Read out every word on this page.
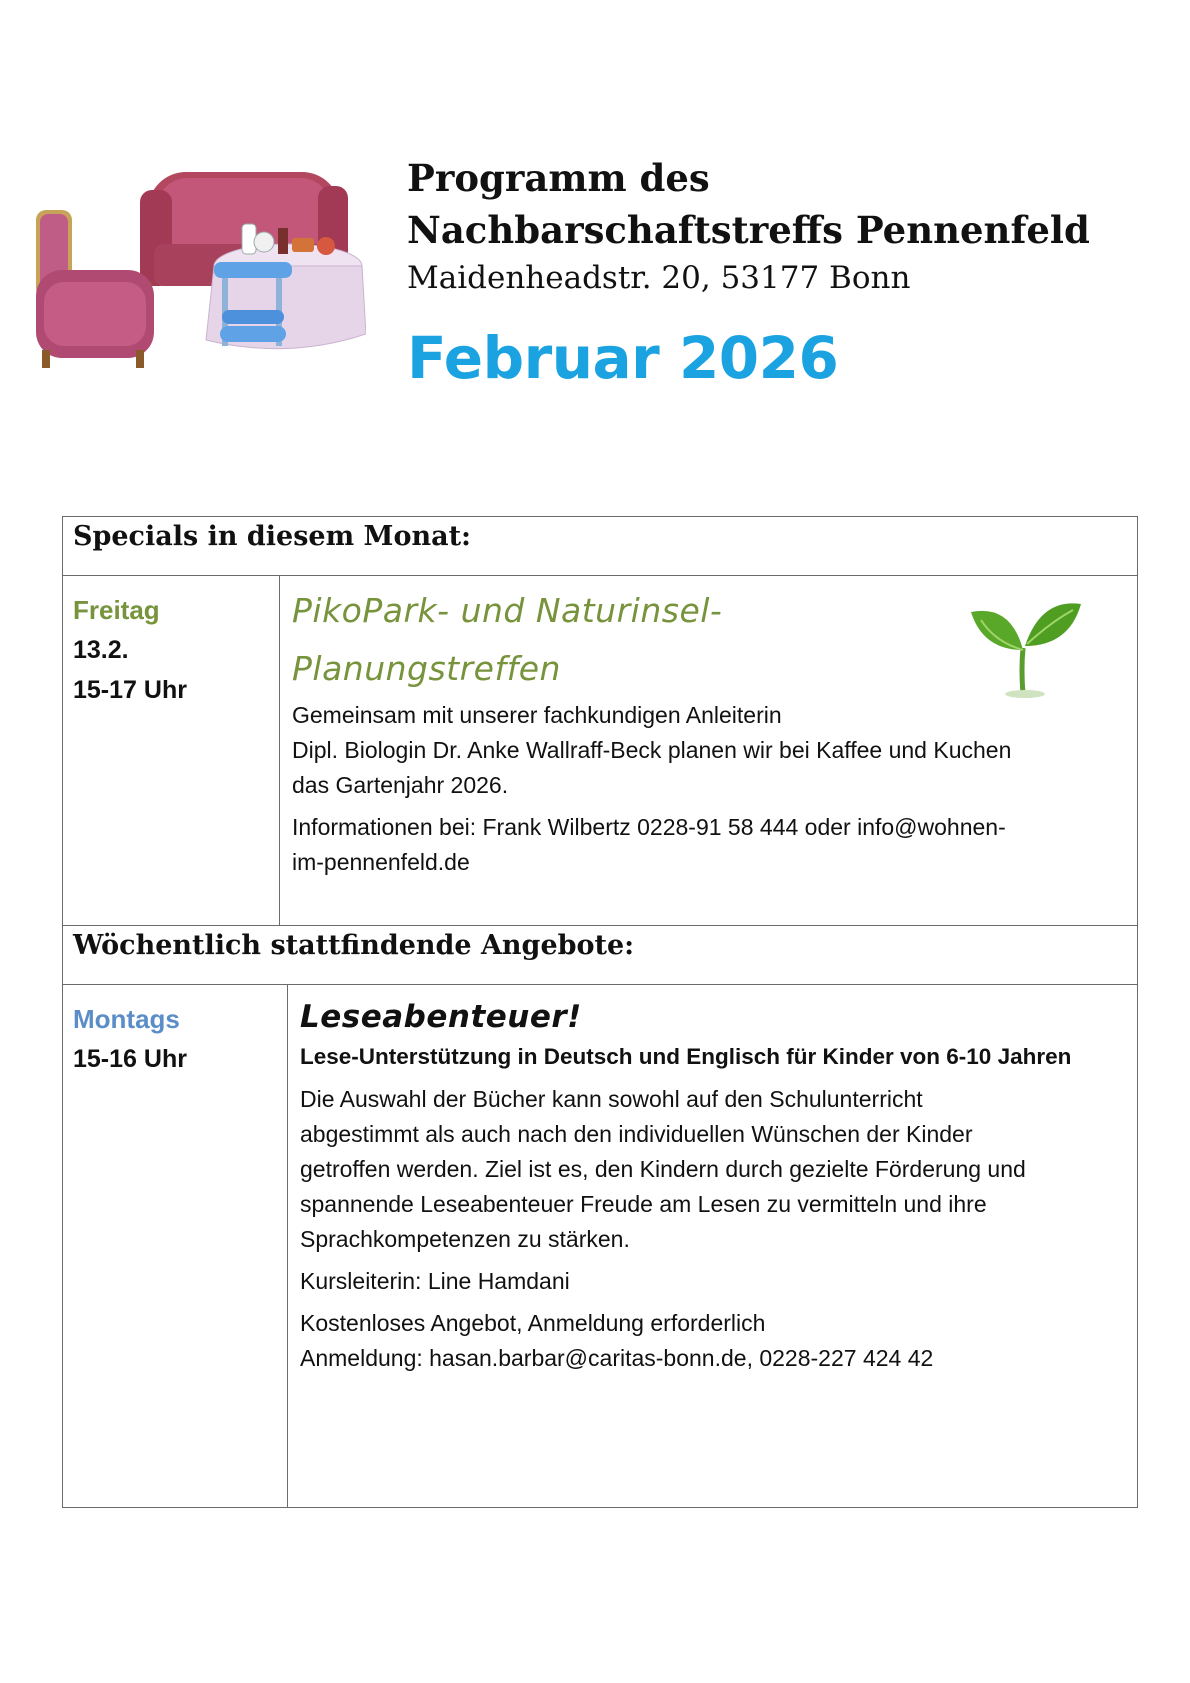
Programm des
Nachbarschaftstreffs Pennenfeld
Maidenheadstr. 20, 53177 Bonn
Februar 2026
Specials in diesem Monat:
Freitag
13.2.
15-17 Uhr
PikoPark- und Naturinsel-
Planungstreffen
Gemeinsam mit unserer fachkundigen Anleiterin
Dipl. Biologin Dr. Anke Wallraff-Beck planen wir bei Kaffee und Kuchen
das Gartenjahr 2026.
Informationen bei: Frank Wilbertz 0228-91 58 444 oder info@wohnen-
im-pennenfeld.de
Wöchentlich stattfindende Angebote:
Montags
15-16 Uhr
Leseabenteuer!
Lese-Unterstützung in Deutsch und Englisch für Kinder von 6-10 Jahren
Die Auswahl der Bücher kann sowohl auf den Schulunterricht
abgestimmt als auch nach den individuellen Wünschen der Kinder
getroffen werden. Ziel ist es, den Kindern durch gezielte Förderung und
spannende Leseabenteuer Freude am Lesen zu vermitteln und ihre
Sprachkompetenzen zu stärken.
Kursleiterin: Line Hamdani
Kostenloses Angebot, Anmeldung erforderlich
Anmeldung: hasan.barbar@caritas-bonn.de, 0228-227 424 42
